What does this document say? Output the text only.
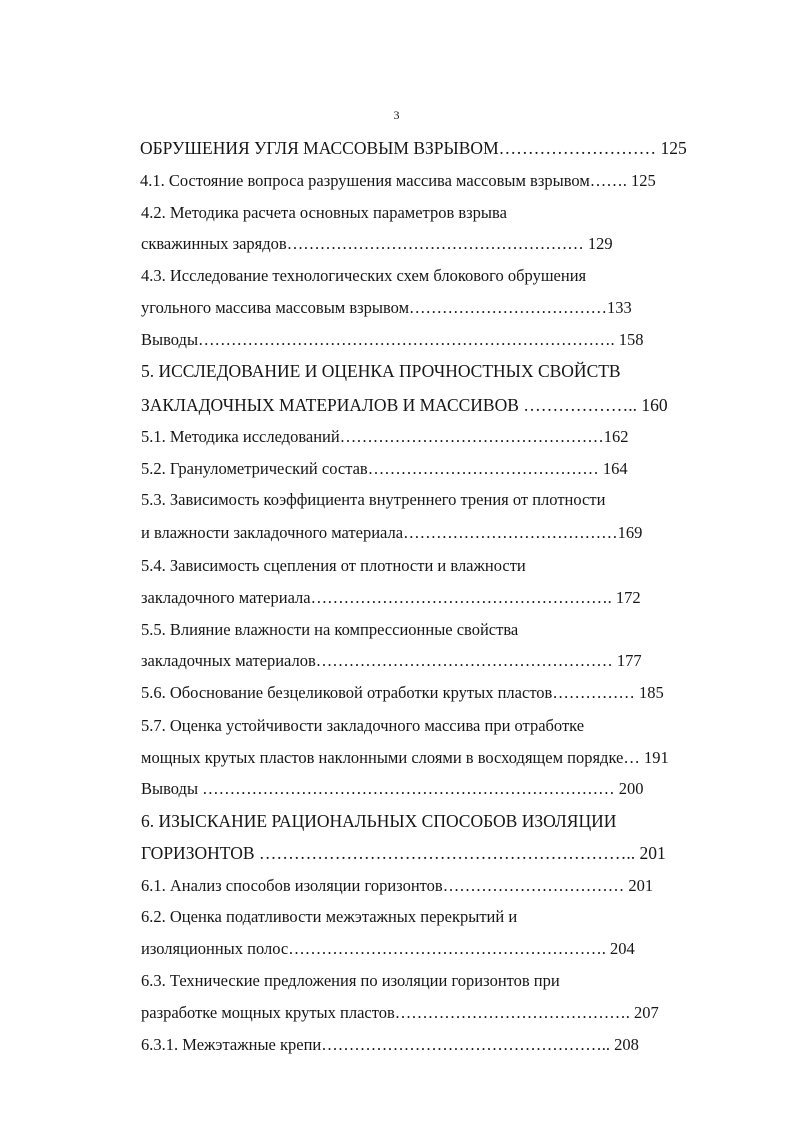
3
ОБРУШЕНИЯ УГЛЯ МАССОВЫМ ВЗРЫВОМ……………………… 125
4.1. Состояние вопроса разрушения массива массовым взрывом……. 125
4.2. Методика расчета основных параметров взрыва
скважинных зарядов……………………………………………… 129
4.3. Исследование технологических схем блокового обрушения
угольного массива массовым взрывом………………………………133
Выводы…………………………………………………………………. 158
5. ИССЛЕДОВАНИЕ И ОЦЕНКА ПРОЧНОСТНЫХ СВОЙСТВ
ЗАКЛАДОЧНЫХ МАТЕРИАЛОВ И МАССИВОВ ……………….. 160
5.1. Методика исследований…………………………………………162
5.2. Гранулометрический состав…………………………………… 164
5.3. Зависимость коэффициента внутреннего трения от плотности
и влажности закладочного материала…………………………………169
5.4. Зависимость сцепления от плотности и влажности
закладочного материала………………………………………………. 172
5.5. Влияние влажности на компрессионные свойства
закладочных материалов……………………………………………… 177
5.6. Обоснование безцеликовой отработки крутых пластов…………… 185
5.7. Оценка устойчивости закладочного массива при отработке
мощных крутых пластов наклонными слоями в восходящем порядке… 191
Выводы ………………………………………………………………… 200
6. ИЗЫСКАНИЕ РАЦИОНАЛЬНЫХ СПОСОБОВ ИЗОЛЯЦИИ
ГОРИЗОНТОВ ……………………………………………………….. 201
6.1. Анализ способов изоляции горизонтов…………………………… 201
6.2. Оценка податливости межэтажных перекрытий и
изоляционных полос…………………………………………………. 204
6.3. Технические предложения по изоляции горизонтов при
разработке мощных крутых пластов……………………………………. 207
6.3.1. Межэтажные крепи…………………………………………….. 208
